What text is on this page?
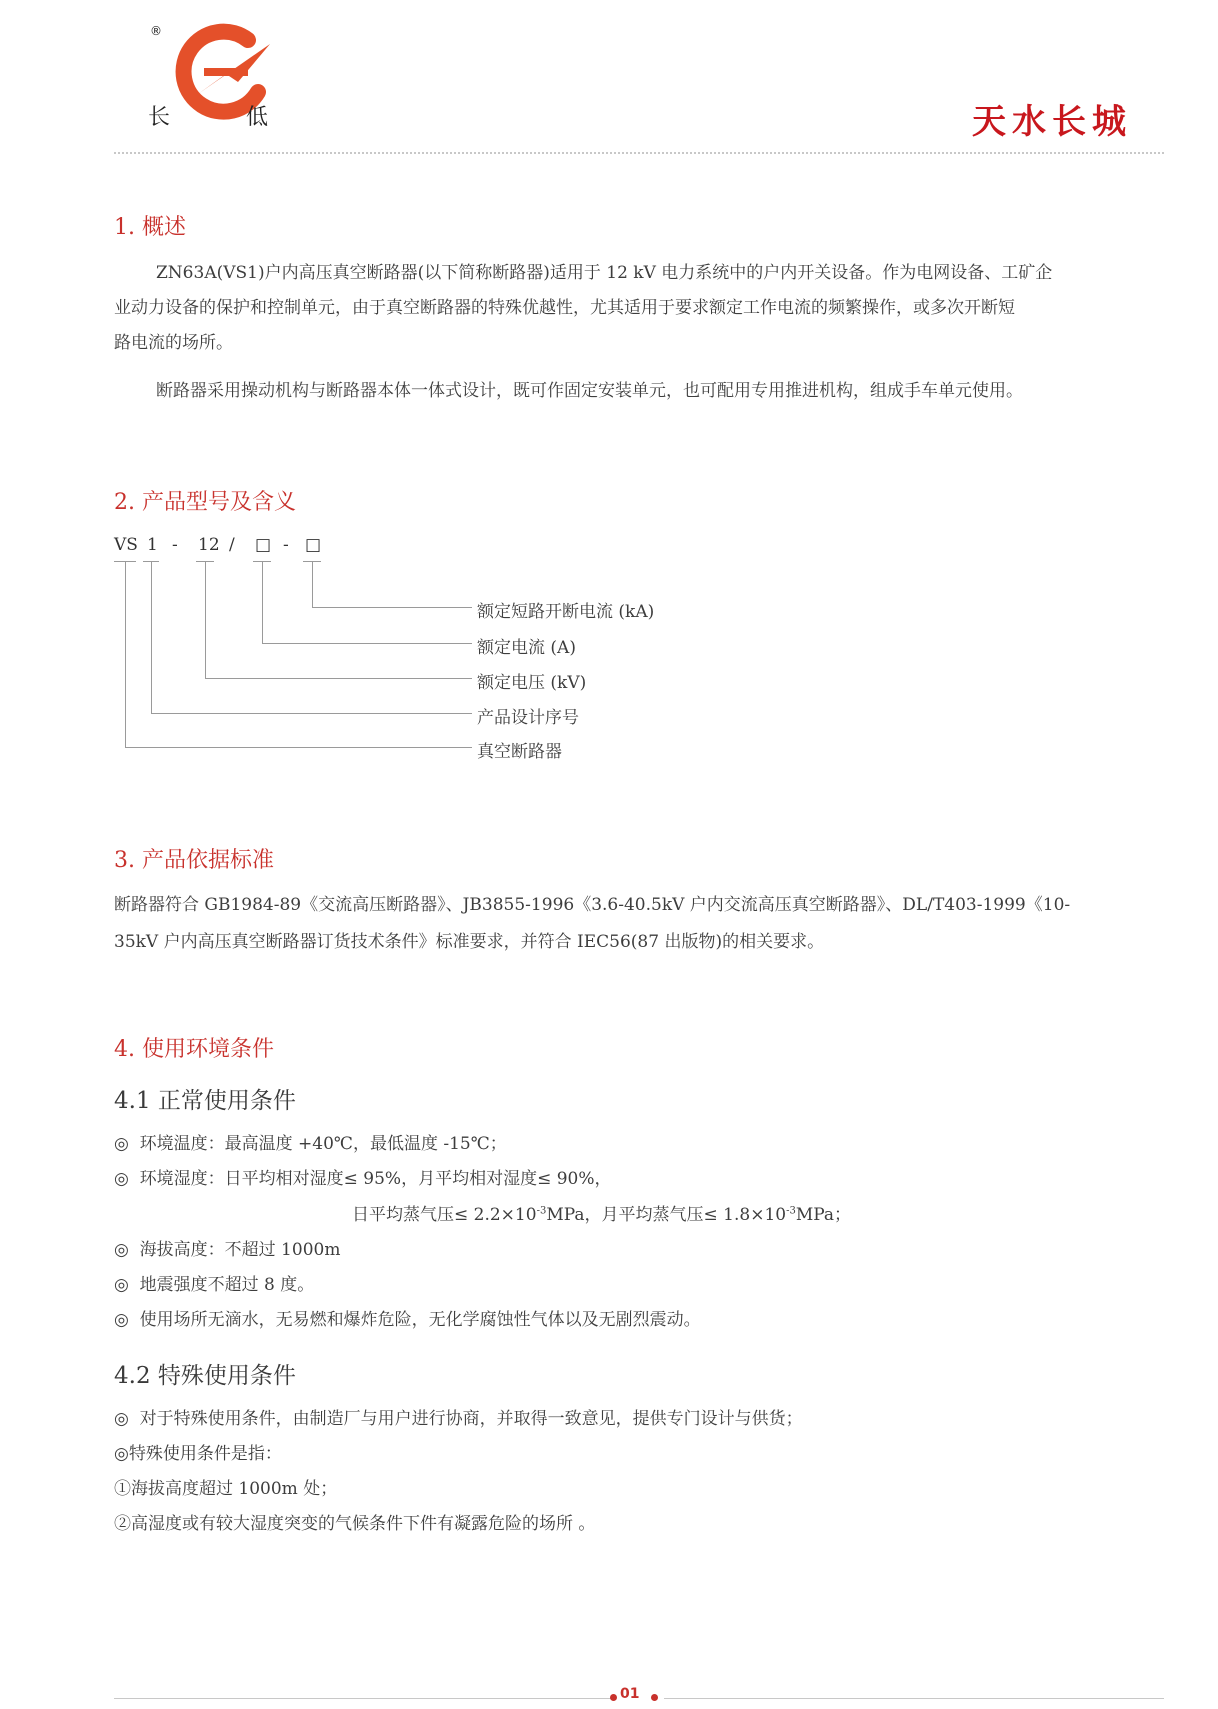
®
长	低	天水长城
1. 概述
ZN63A(VS1)户内高压真空断路器(以下简称断路器)适用于 12 kV 电力系统中的户内开关设备。作为电网设备、工矿企
业动力设备的保护和控制单元，由于真空断路器的特殊优越性，尤其适用于要求额定工作电流的频繁操作，或多次开断短
路电流的场所。
断路器采用操动机构与断路器本体一体式设计，既可作固定安装单元，也可配用专用推进机构，组成手车单元使用。
2. 产品型号及含义
VS 1 - 12 / □ - □
额定短路开断电流 (kA)
额定电流 (A)
额定电压 (kV)
产品设计序号
真空断路器
3. 产品依据标准
断路器符合 GB1984-89《交流高压断路器》、JB3855-1996《3.6-40.5kV 户内交流高压真空断路器》、DL/T403-1999《10-
35kV 户内高压真空断路器订货技术条件》标准要求，并符合 IEC56(87 出版物)的相关要求。
4. 使用环境条件
4.1 正常使用条件
◎ 环境温度：最高温度 +40℃，最低温度 -15℃；
◎ 环境湿度：日平均相对湿度≤ 95%，月平均相对湿度≤ 90%，
日平均蒸气压≤ $2.2\times 10^{-3}MPa$，月平均蒸气压≤ $1.8\times 10^{-3}MPa$；
◎ 海拔高度：不超过 1000m
◎ 地震强度不超过 8 度。
◎ 使用场所无滴水，无易燃和爆炸危险，无化学腐蚀性气体以及无剧烈震动。
4.2 特殊使用条件
◎ 对于特殊使用条件，由制造厂与用户进行协商，并取得一致意见，提供专门设计与供货；
◎特殊使用条件是指：
①海拔高度超过 1000m 处；
②高湿度或有较大湿度突变的气候条件下件有凝露危险的场所 。
01
